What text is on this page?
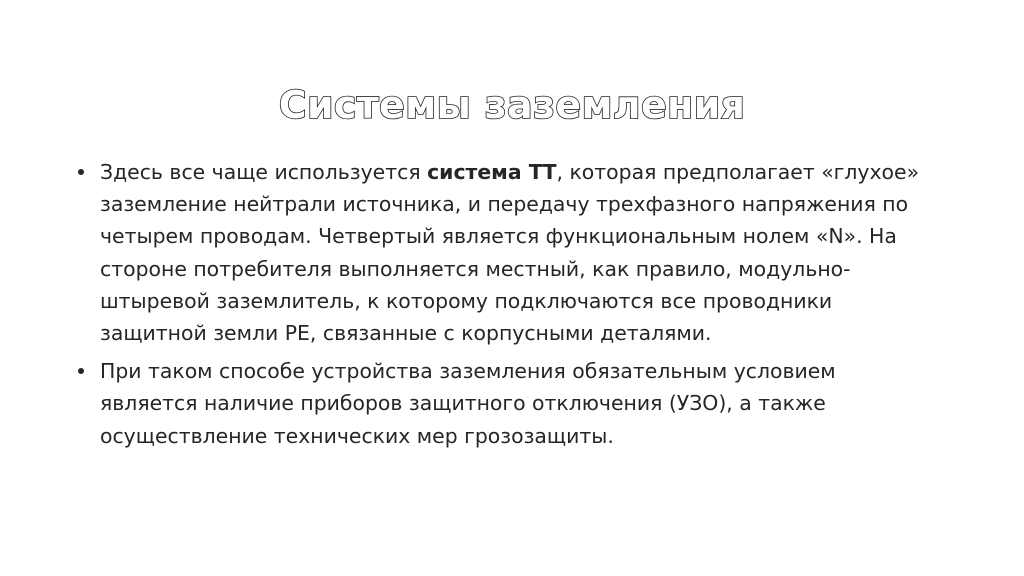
Системы заземления
Здесь все чаще используется система ТТ, которая предполагает «глухое» заземление нейтрали источника, и передачу трехфазного напряжения по четырем проводам. Четвертый является функциональным нолем «N». На стороне потребителя выполняется местный, как правило, модульно-штыревой заземлитель, к которому подключаются все проводники защитной земли PE, связанные с корпусными деталями.
При таком способе устройства заземления обязательным условием является наличие приборов защитного отключения (УЗО), а также осуществление технических мер грозозащиты.
